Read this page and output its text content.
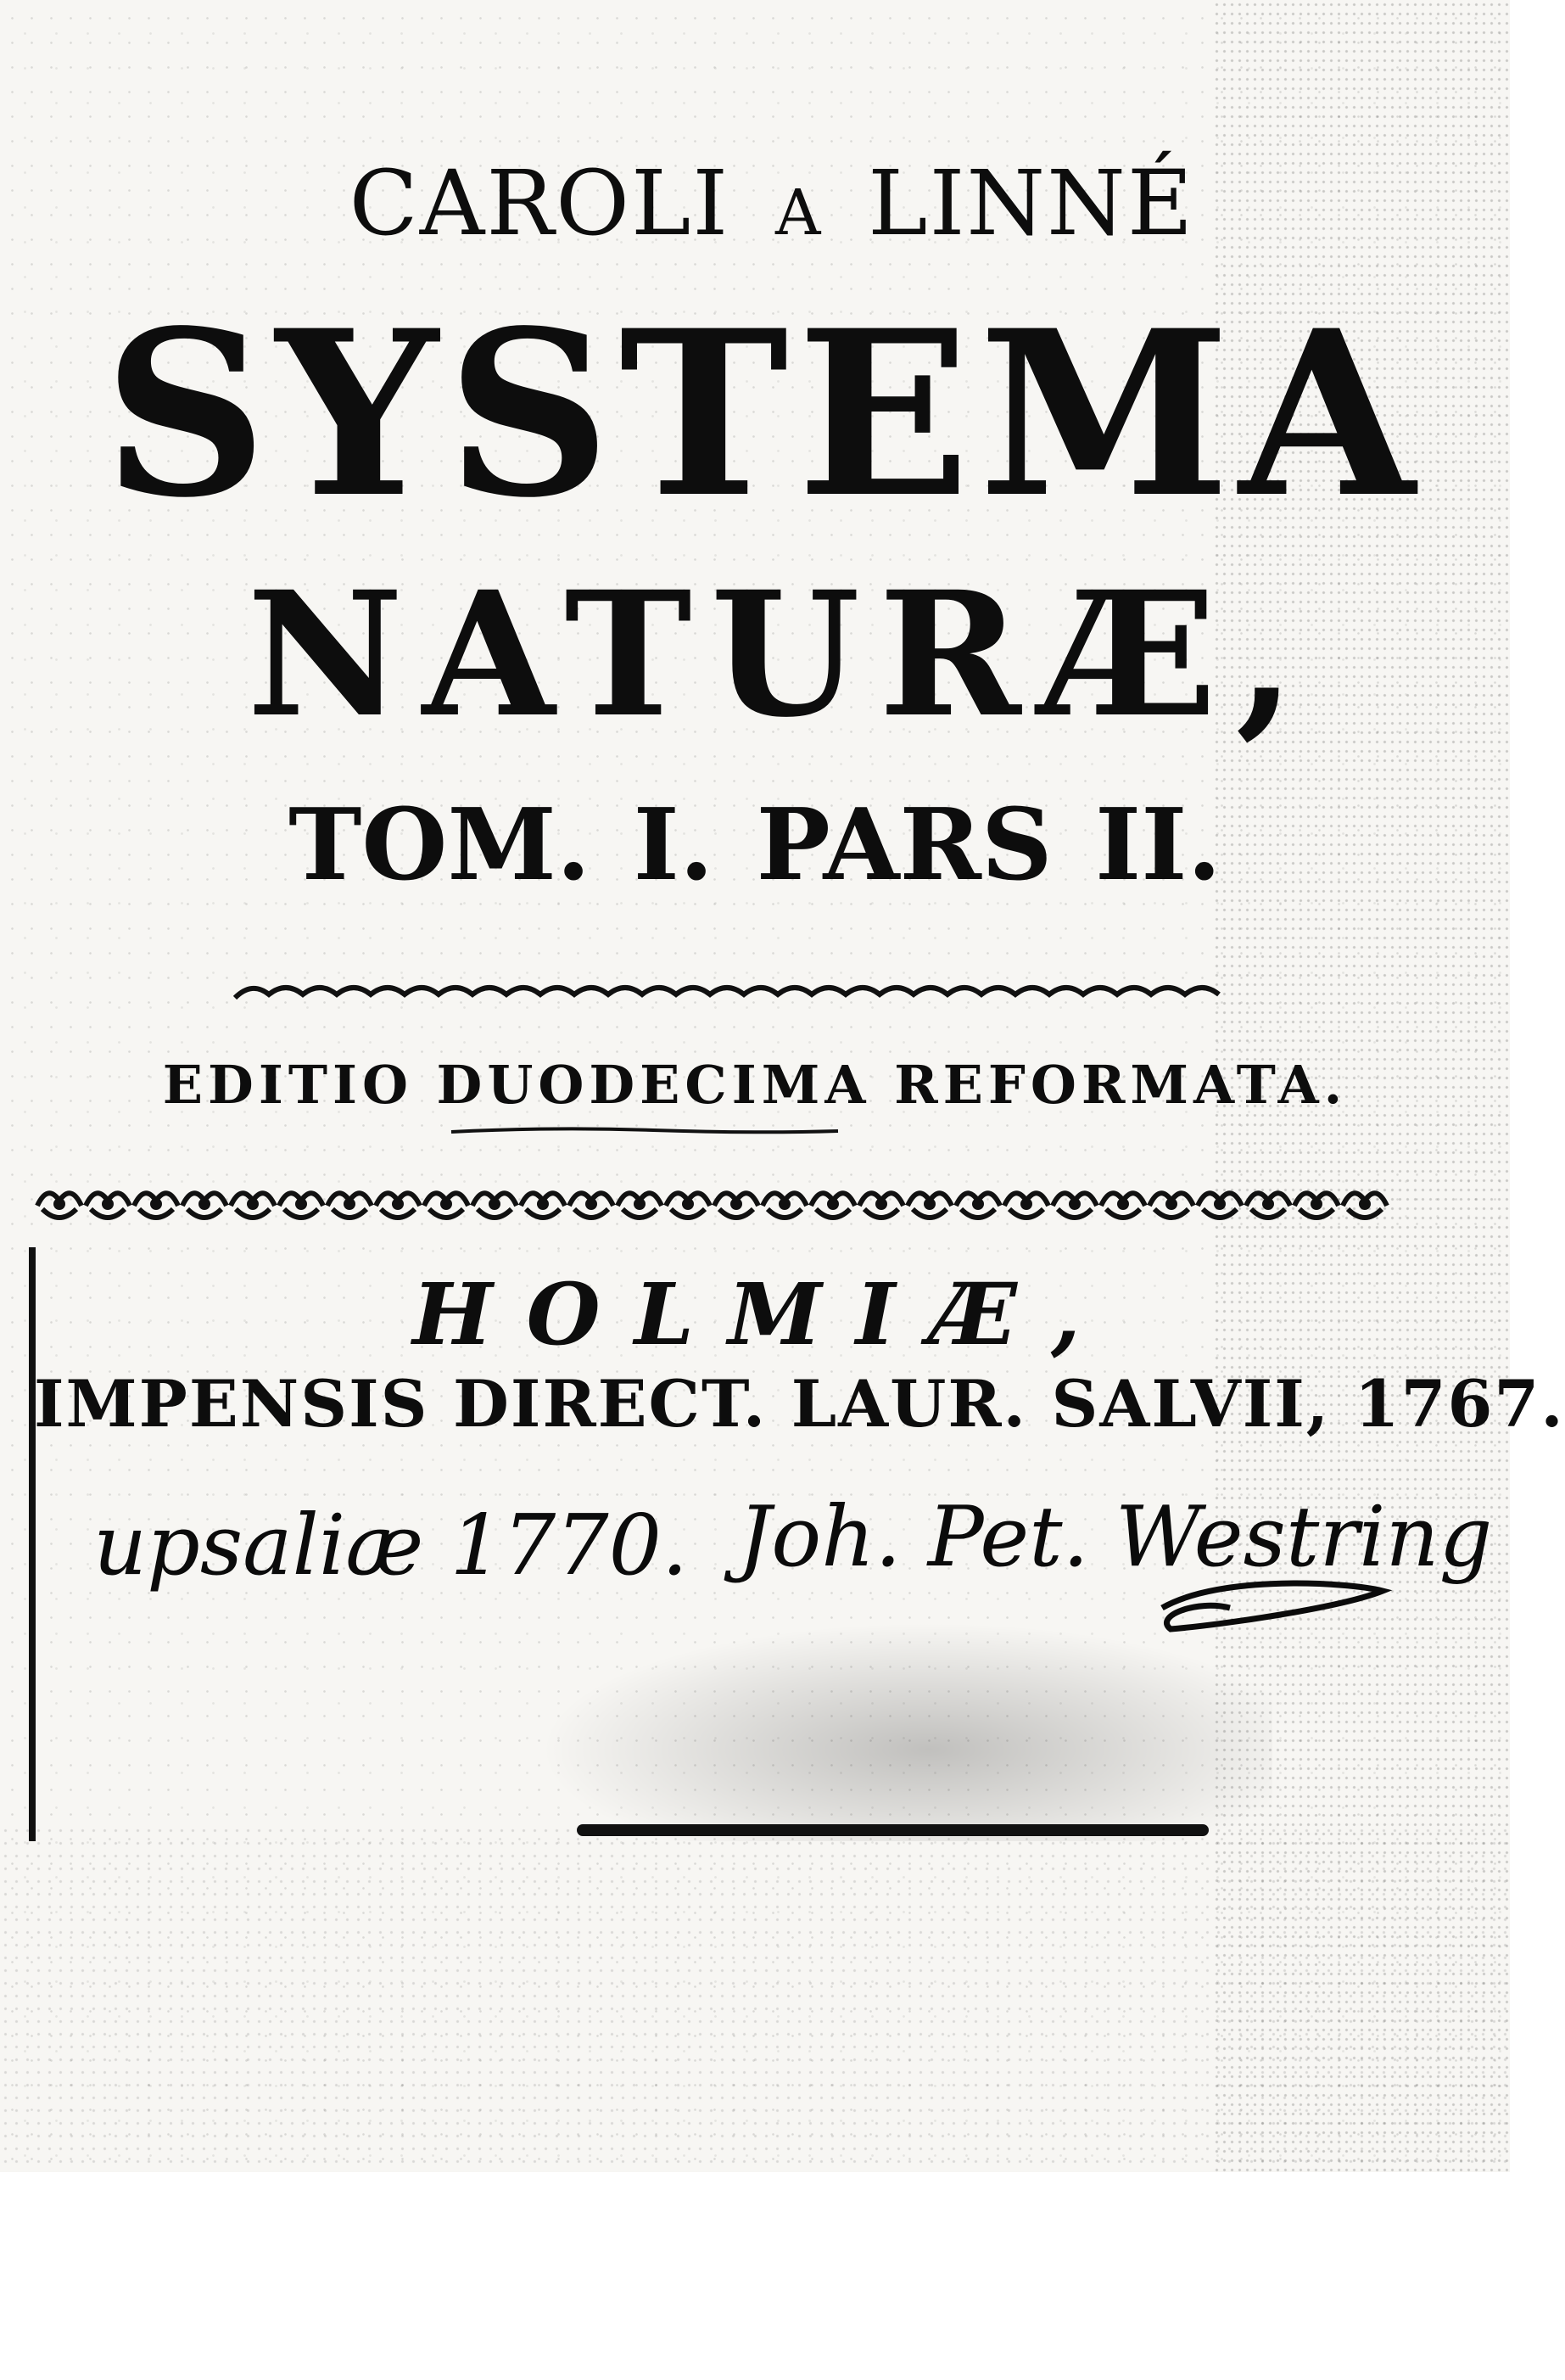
CAROLI A LINNÉ
SYSTEMA
NATURÆ,
TOM. I. PARS II.
EDITIO DUODECIMA REFORMATA.
HOLMIÆ,
IMPENSIS DIRECT. LAUR. SALVII, 1767.
upsaliæ 1770. Joh. Pet. Westring
